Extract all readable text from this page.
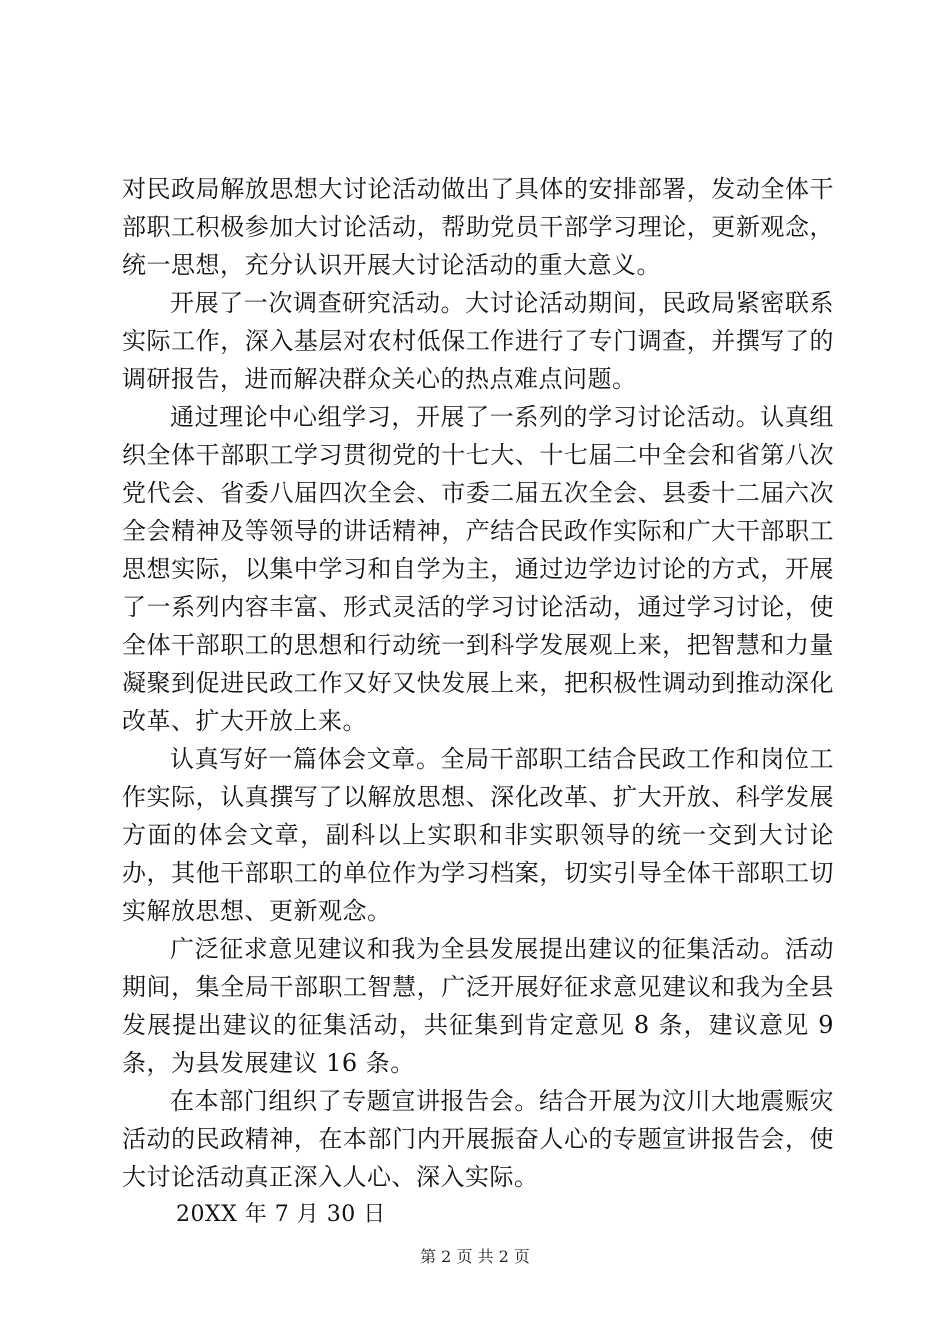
对民政局解放思想大讨论活动做出了具体的安排部署，发动全体干部职工积极参加大讨论活动，帮助党员干部学习理论，更新观念，统一思想，充分认识开展大讨论活动的重大意义。

开展了一次调查研究活动。大讨论活动期间，民政局紧密联系实际工作，深入基层对农村低保工作进行了专门调查，并撰写了的调研报告，进而解决群众关心的热点难点问题。

通过理论中心组学习，开展了一系列的学习讨论活动。认真组织全体干部职工学习贯彻党的十七大、十七届二中全会和省第八次党代会、省委八届四次全会、市委二届五次全会、县委十二届六次全会精神及等领导的讲话精神，产结合民政作实际和广大干部职工思想实际，以集中学习和自学为主，通过边学边讨论的方式，开展了一系列内容丰富、形式灵活的学习讨论活动，通过学习讨论，使全体干部职工的思想和行动统一到科学发展观上来，把智慧和力量凝聚到促进民政工作又好又快发展上来，把积极性调动到推动深化改革、扩大开放上来。

认真写好一篇体会文章。全局干部职工结合民政工作和岗位工作实际，认真撰写了以解放思想、深化改革、扩大开放、科学发展方面的体会文章，副科以上实职和非实职领导的统一交到大讨论办，其他干部职工的单位作为学习档案，切实引导全体干部职工切实解放思想、更新观念。

广泛征求意见建议和我为全县发展提出建议的征集活动。活动期间，集全局干部职工智慧，广泛开展好征求意见建议和我为全县发展提出建议的征集活动，共征集到肯定意见 8 条，建议意见 9 条，为县发展建议 16 条。

在本部门组织了专题宣讲报告会。结合开展为汶川大地震赈灾活动的民政精神，在本部门内开展振奋人心的专题宣讲报告会，使大讨论活动真正深入人心、深入实际。

20XX 年 7 月 30 日

第 2 页 共 2 页
